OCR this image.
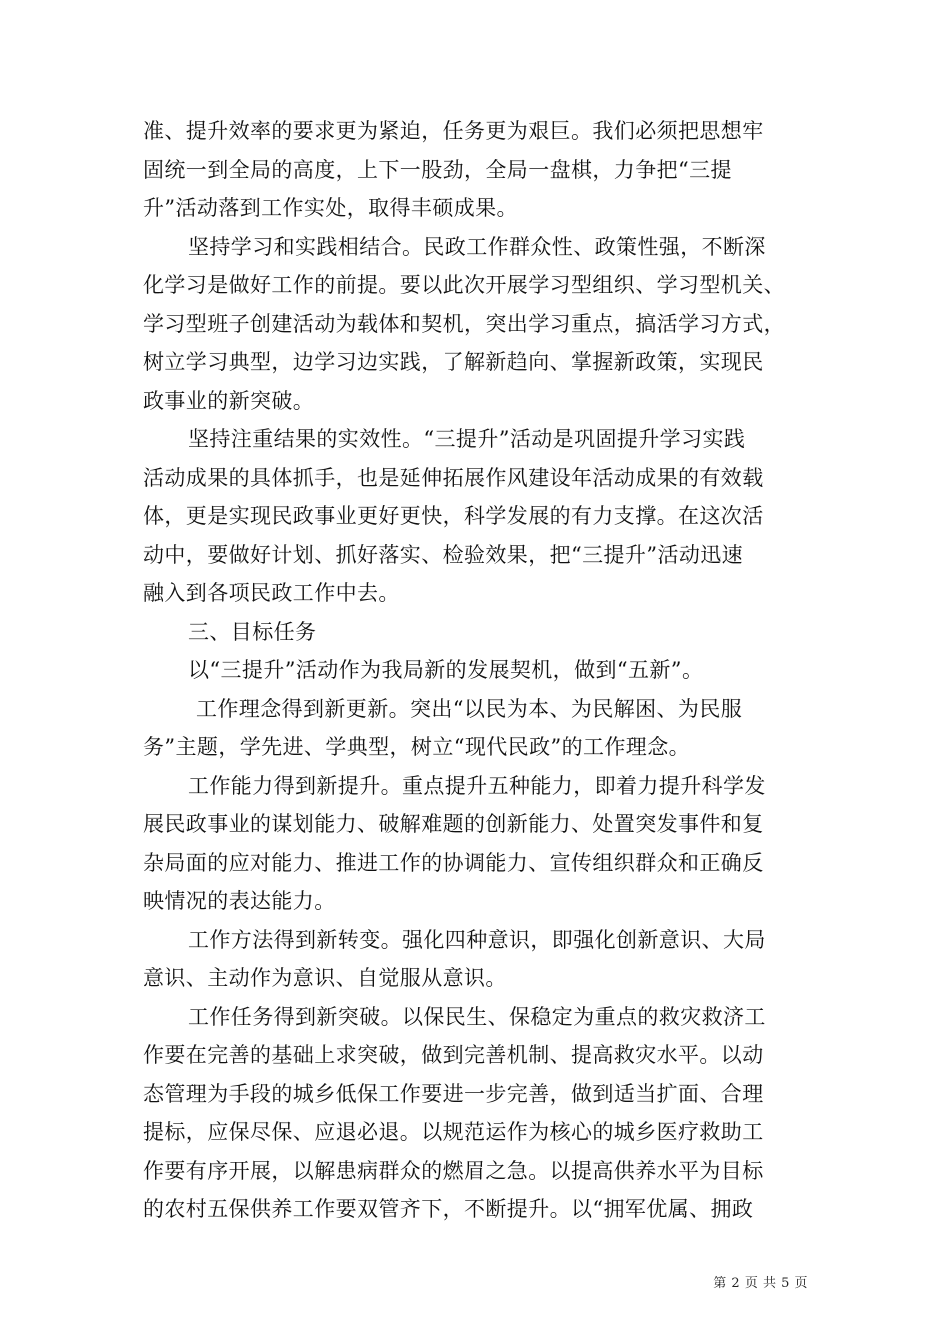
准、提升效率的要求更为紧迫，任务更为艰巨。我们必须把思想牢
固统一到全局的高度，上下一股劲，全局一盘棋，力争把“三提
升”活动落到工作实处，取得丰硕成果。
坚持学习和实践相结合。民政工作群众性、政策性强，不断深
化学习是做好工作的前提。要以此次开展学习型组织、学习型机关、
学习型班子创建活动为载体和契机，突出学习重点，搞活学习方式，
树立学习典型，边学习边实践，了解新趋向、掌握新政策，实现民
政事业的新突破。
坚持注重结果的实效性。“三提升”活动是巩固提升学习实践
活动成果的具体抓手，也是延伸拓展作风建设年活动成果的有效载
体，更是实现民政事业更好更快，科学发展的有力支撑。在这次活
动中，要做好计划、抓好落实、检验效果，把“三提升”活动迅速
融入到各项民政工作中去。
三、目标任务
以“三提升”活动作为我局新的发展契机，做到“五新”。
工作理念得到新更新。突出“以民为本、为民解困、为民服
务”主题，学先进、学典型，树立“现代民政”的工作理念。
工作能力得到新提升。重点提升五种能力，即着力提升科学发
展民政事业的谋划能力、破解难题的创新能力、处置突发事件和复
杂局面的应对能力、推进工作的协调能力、宣传组织群众和正确反
映情况的表达能力。
工作方法得到新转变。强化四种意识，即强化创新意识、大局
意识、主动作为意识、自觉服从意识。
工作任务得到新突破。以保民生、保稳定为重点的救灾救济工
作要在完善的基础上求突破，做到完善机制、提高救灾水平。以动
态管理为手段的城乡低保工作要进一步完善，做到适当扩面、合理
提标，应保尽保、应退必退。以规范运作为核心的城乡医疗救助工
作要有序开展，以解患病群众的燃眉之急。以提高供养水平为目标
的农村五保供养工作要双管齐下，不断提升。以“拥军优属、拥政
第 2 页 共 5 页
